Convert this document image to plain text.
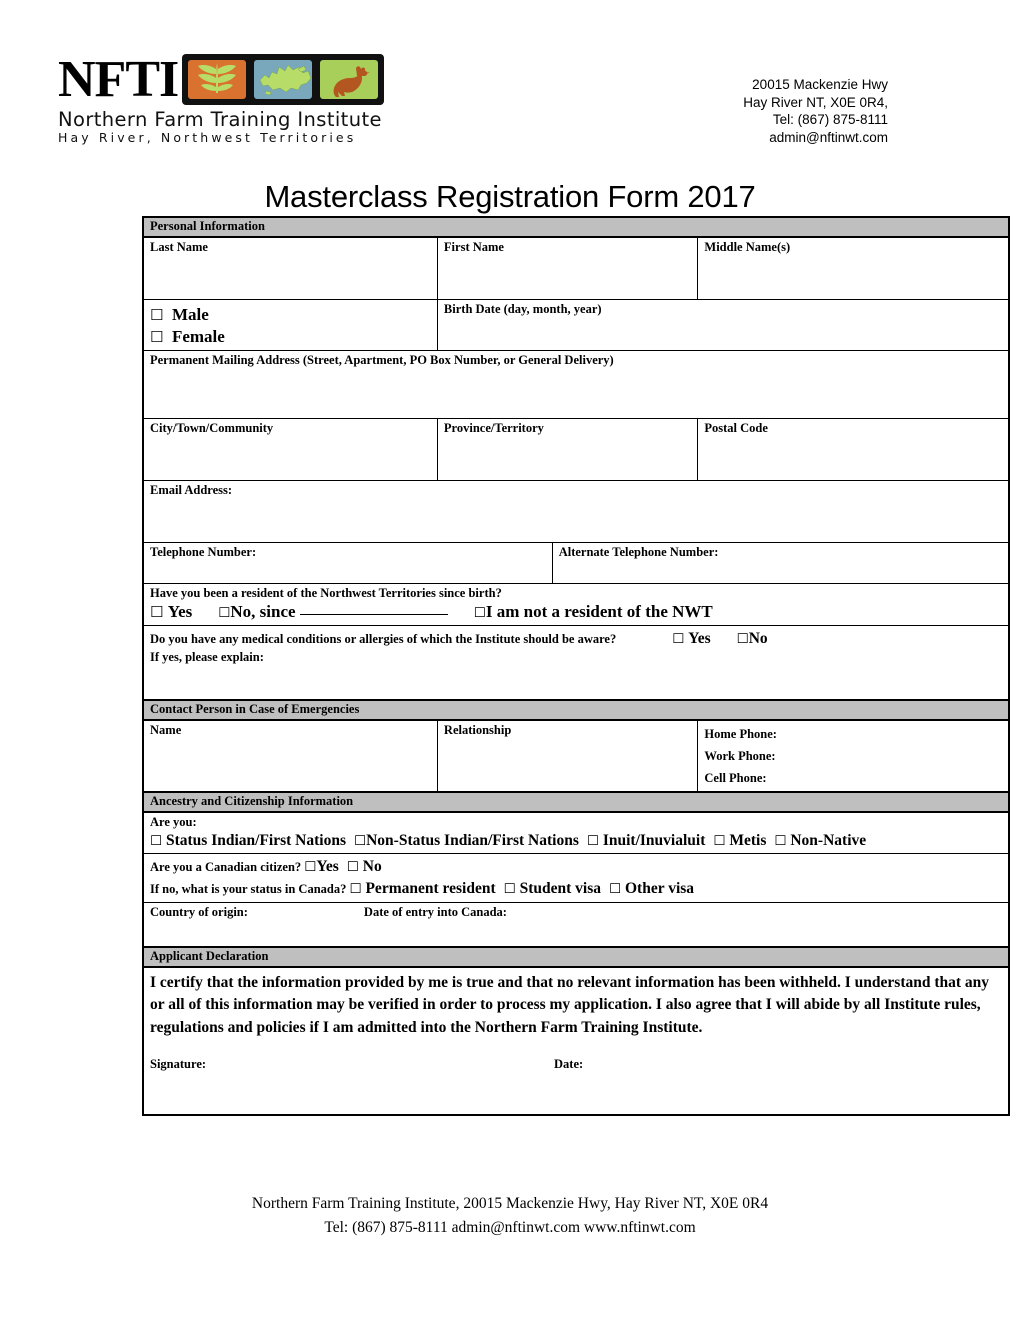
NFTI
Northern Farm Training Institute
Hay River, Northwest Territories
20015 Mackenzie Hwy
Hay River NT, X0E 0R4,
Tel: (867) 875-8111
admin@nftinwt.com
Masterclass Registration Form 2017
Personal Information			
Last Name	First Name		Middle Name(s)

☐ Male
☐ Female	Birth Date (day, month, year)		
Permanent Mailing Address (Street, Apartment, PO Box Number, or General Delivery)			
City/Town/Community	Province/Territory		Postal Code
Email Address:			
Telephone Number:		Alternate Telephone Number:	

Have you been a resident of the Northwest Territories since birth?
☐ Yes ☐No, since ☐I am not a resident of the NWT			

Do you have any medical conditions or allergies of which the Institute should be aware? ☐ Yes ☐No
If yes, please explain:			

Contact Person in Case of Emergencies			
Name	Relationship		Home Phone:
Work Phone:
Cell Phone:

Ancestry and Citizenship Information			

Are you:
☐ Status Indian/First Nations ☐Non-Status Indian/First Nations ☐ Inuit/Inuvialuit ☐ Metis ☐ Non-Native			

Are you a Canadian citizen? ☐Yes ☐ No
If no, what is your status in Canada? ☐ Permanent resident ☐ Student visa ☐ Other visa			

Country of origin: Date of entry into Canada:			
Applicant Declaration			

I certify that the information provided by me is true and that no relevant information has been withheld. I understand that any or all of this information may be verified in order to process my application. I also agree that I will abide by all Institute rules, regulations and policies if I am admitted into the Northern Farm Training Institute.
Signature: Date:			
Northern Farm Training Institute, 20015 Mackenzie Hwy, Hay River NT, X0E 0R4
Tel: (867) 875-8111 admin@nftinwt.com www.nftinwt.com
